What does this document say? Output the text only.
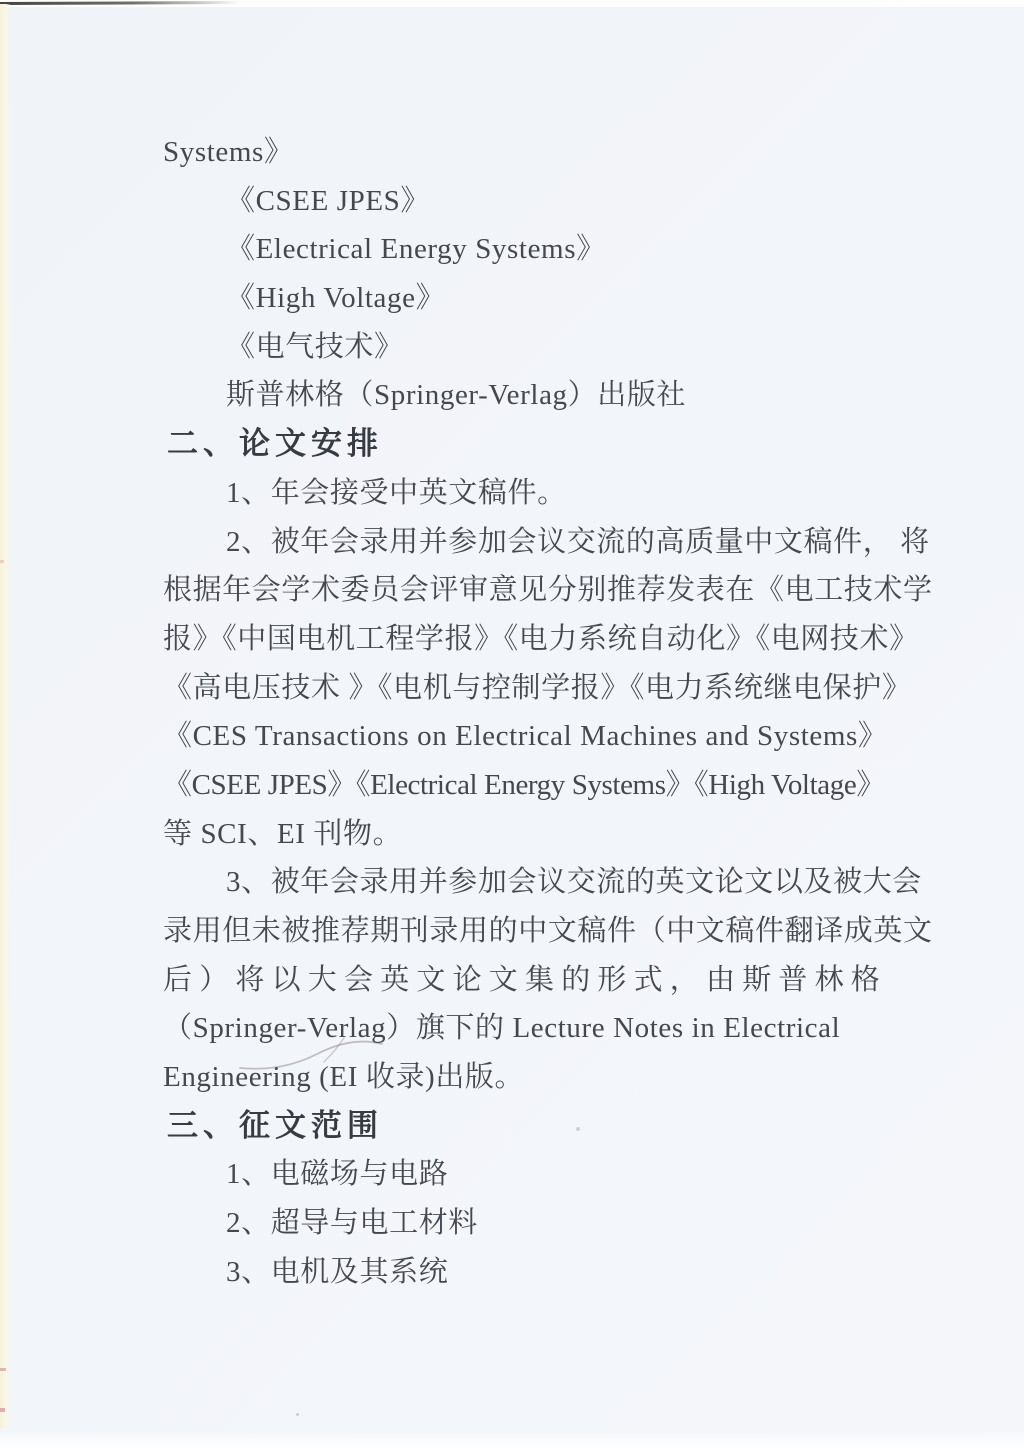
Systems》
《CSEE JPES》
《Electrical Energy Systems》
《High Voltage》
《电气技术》
斯普林格（Springer-Verlag）出版社
二、论文安排
1、年会接受中英文稿件。
2、被年会录用并参加会议交流的高质量中文稿件， 将
根据年会学术委员会评审意见分别推荐发表在《电工技术学
报》《中国电机工程学报》《电力系统自动化》《电网技术》
《高电压技术 》《电机与控制学报》《电力系统继电保护》
《CES Transactions on Electrical Machines and Systems》
《CSEE JPES》《Electrical Energy Systems》《High Voltage》
等 SCI、EI 刊物。
3、被年会录用并参加会议交流的英文论文以及被大会
录用但未被推荐期刊录用的中文稿件（中文稿件翻译成英文
后）将以大会英文论文集的形式，由斯普林格
（Springer-Verlag）旗下的 Lecture Notes in Electrical
Engineering (EI 收录)出版。
三、征文范围
1、电磁场与电路
2、超导与电工材料
3、电机及其系统
